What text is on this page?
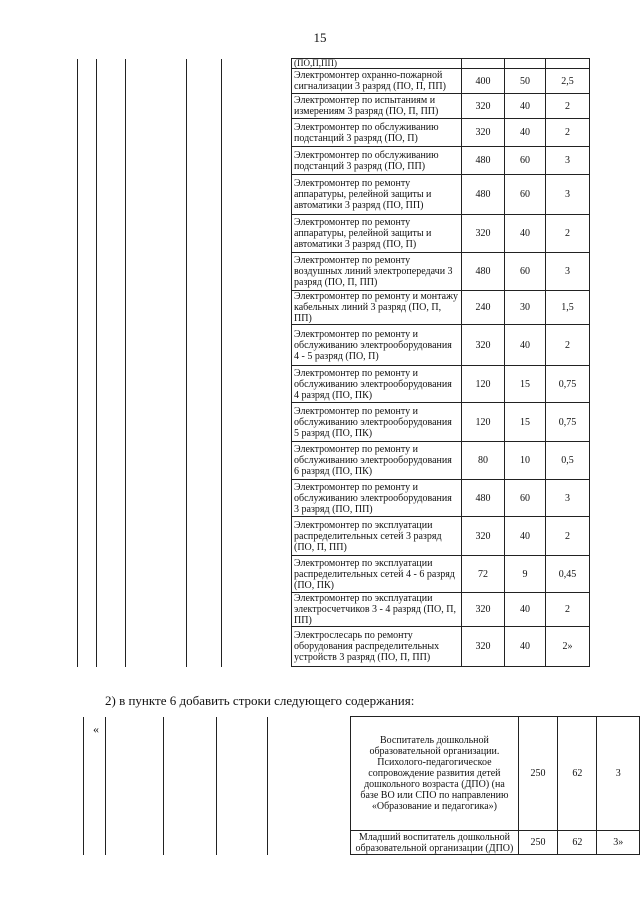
15
					(ПО,П,ПП)			
					Электромонтер охранно-пожарной сигнализации 3 разряд (ПО, П, ПП)	400	50	2,5
					Электромонтер по испытаниям и измерениям 3 разряд (ПО, П, ПП)	320	40	2
					Электромонтер по обслуживанию подстанций 3 разряд (ПО, П)	320	40	2
					Электромонтер по обслуживанию подстанций 3 разряд (ПО, ПП)	480	60	3
					Электромонтер по ремонту аппаратуры, релейной защиты и автоматики 3 разряд (ПО, ПП)	480	60	3
					Электромонтер по ремонту аппаратуры, релейной защиты и автоматики 3 разряд (ПО, П)	320	40	2
					Электромонтер по ремонту воздушных линий электропередачи 3 разряд (ПО, П, ПП)	480	60	3
					Электромонтер по ремонту и монтажу кабельных линий 3 разряд (ПО, П, ПП)	240	30	1,5
					Электромонтер по ремонту и обслуживанию электрооборудования 4 - 5 разряд (ПО, П)	320	40	2
					Электромонтер по ремонту и обслуживанию электрооборудования 4 разряд (ПО, ПК)	120	15	0,75
					Электромонтер по ремонту и обслуживанию электрооборудования 5 разряд (ПО, ПК)	120	15	0,75
					Электромонтер по ремонту и обслуживанию электрооборудования 6 разряд (ПО, ПК)	80	10	0,5
					Электромонтер по ремонту и обслуживанию электрооборудования 3 разряд (ПО, ПП)	480	60	3
					Электромонтер по эксплуатации распределительных сетей 3 разряд (ПО, П, ПП)	320	40	2
					Электромонтер по эксплуатации распределительных сетей 4 - 6 разряд (ПО, ПК)	72	9	0,45
					Электромонтер по эксплуатации электросчетчиков 3 - 4 разряд (ПО, П, ПП)	320	40	2
					Электрослесарь по ремонту оборудования распределительных устройств 3 разряд (ПО, П, ПП)	320	40	2»
2) в пункте 6 добавить строки следующего содержания:
					Воспитатель дошкольной образовательной организации. Психолого-педагогическое сопровождение развития детей дошкольного возраста (ДПО) (на базе ВО или СПО по направлению «Образование и педагогика»)	250	62	3
					Младший воспитатель дошкольной образовательной организации (ДПО)	250	62	3»
«
